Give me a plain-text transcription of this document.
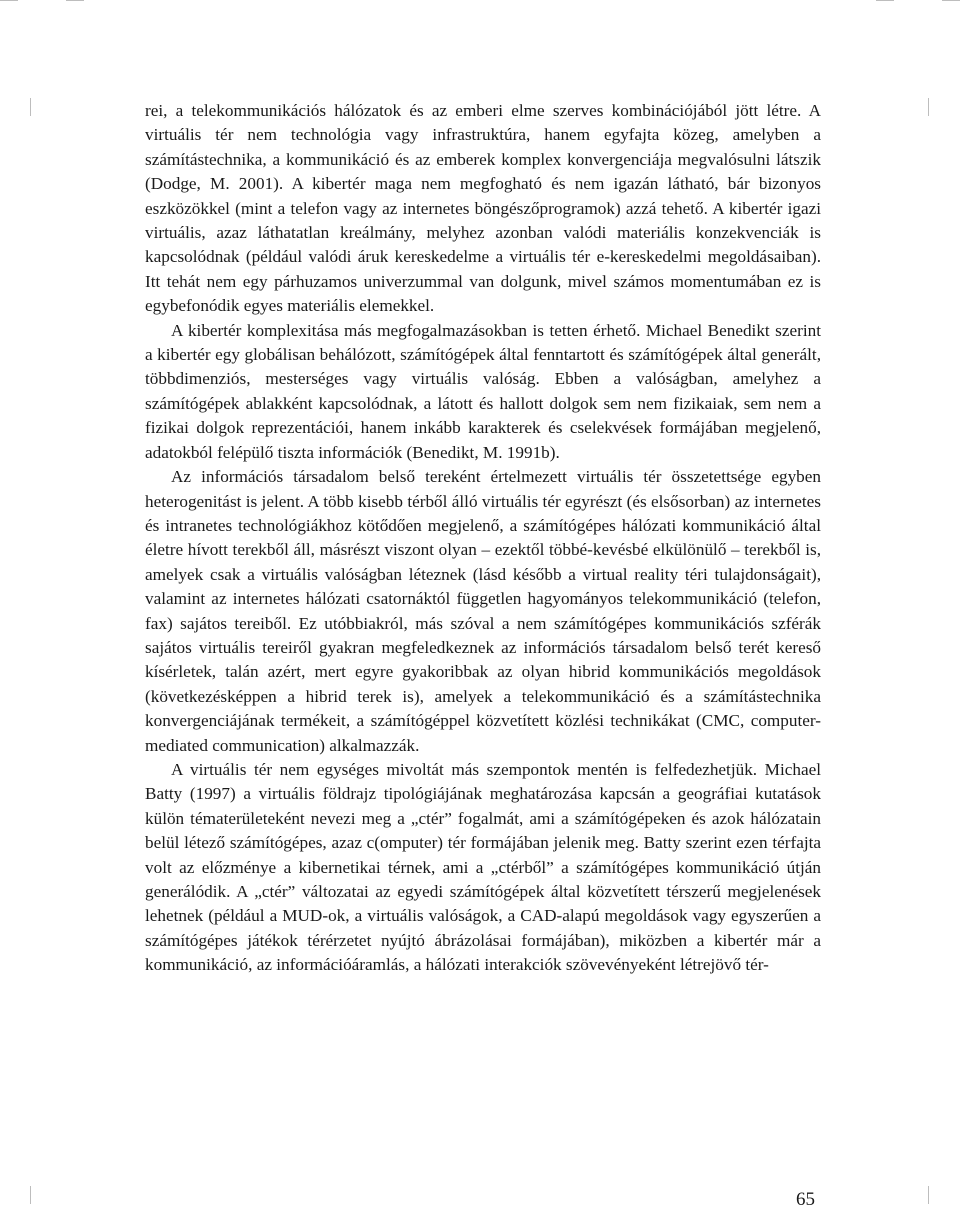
rei, a telekommunikációs hálózatok és az emberi elme szerves kombinációjából jött létre. A virtuális tér nem technológia vagy infrastruktúra, hanem egyfajta közeg, amelyben a számítástechnika, a kommunikáció és az emberek komplex konvergenciája megvalósulni látszik (Dodge, M. 2001). A kibertér maga nem megfogható és nem igazán látható, bár bizonyos eszközökkel (mint a telefon vagy az internetes böngészőprogramok) azzá tehető. A kibertér igazi virtuális, azaz láthatatlan kreálmány, melyhez azonban valódi materiális konzekvenciák is kapcsolódnak (például valódi áruk kereskedelme a virtuális tér e-kereskedelmi megoldásaiban). Itt tehát nem egy párhuzamos univerzummal van dolgunk, mivel számos momentumában ez is egybefonódik egyes materiális elemekkel.

A kibertér komplexitása más megfogalmazásokban is tetten érhető. Michael Benedikt szerint a kibertér egy globálisan behálózott, számítógépek által fenntartott és számítógépek által generált, többdimenziós, mesterséges vagy virtuális valóság. Ebben a valóságban, amelyhez a számítógépek ablakként kapcsolódnak, a látott és hallott dolgok sem nem fizikaiak, sem nem a fizikai dolgok reprezentációi, hanem inkább karakterek és cselekvések formájában megjelenő, adatokból felépülő tiszta információk (Benedikt, M. 1991b).

Az információs társadalom belső tereként értelmezett virtuális tér összetettsége egyben heterogenitást is jelent. A több kisebb térből álló virtuális tér egyrészt (és elsősorban) az internetes és intranetes technológiákhoz kötődően megjelenő, a számítógépes hálózati kommunikáció által életre hívott terekből áll, másrészt viszont olyan – ezektől többé-kevésbé elkülönülő – terekből is, amelyek csak a virtuális valóságban léteznek (lásd később a virtual reality téri tulajdonságait), valamint az internetes hálózati csatornáktól független hagyományos telekommunikáció (telefon, fax) sajátos tereiből. Ez utóbbiakról, más szóval a nem számítógépes kommunikációs szférák sajátos virtuális tereiről gyakran megfeledkeznek az információs társadalom belső terét kereső kísérletek, talán azért, mert egyre gyakoribbak az olyan hibrid kommunikációs megoldások (következésképpen a hibrid terek is), amelyek a telekommunikáció és a számítástechnika konvergenciájának termékeit, a számítógéppel közvetített közlési technikákat (CMC, computer-mediated communication) alkalmazzák.

A virtuális tér nem egységes mivoltát más szempontok mentén is felfedezhetjük. Michael Batty (1997) a virtuális földrajz tipológiájának meghatározása kapcsán a geográfiai kutatások külön tématerületeként nevezi meg a „ctér” fogalmát, ami a számítógépeken és azok hálózatain belül létező számítógépes, azaz c(omputer) tér formájában jelenik meg. Batty szerint ezen térfajta volt az előzménye a kibernetikai térnek, ami a „ctérből” a számítógépes kommunikáció útján generálódik. A „ctér” változatai az egyedi számítógépek által közvetített térszerű megjelenések lehetnek (például a MUD-ok, a virtuális valóságok, a CAD-alapú megoldások vagy egyszerűen a számítógépes játékok térérzetet nyújtó ábrázolásai formájában), miközben a kibertér már a kommunikáció, az információáramlás, a hálózati interakciók szövevényeként létrejövő tér-

65
